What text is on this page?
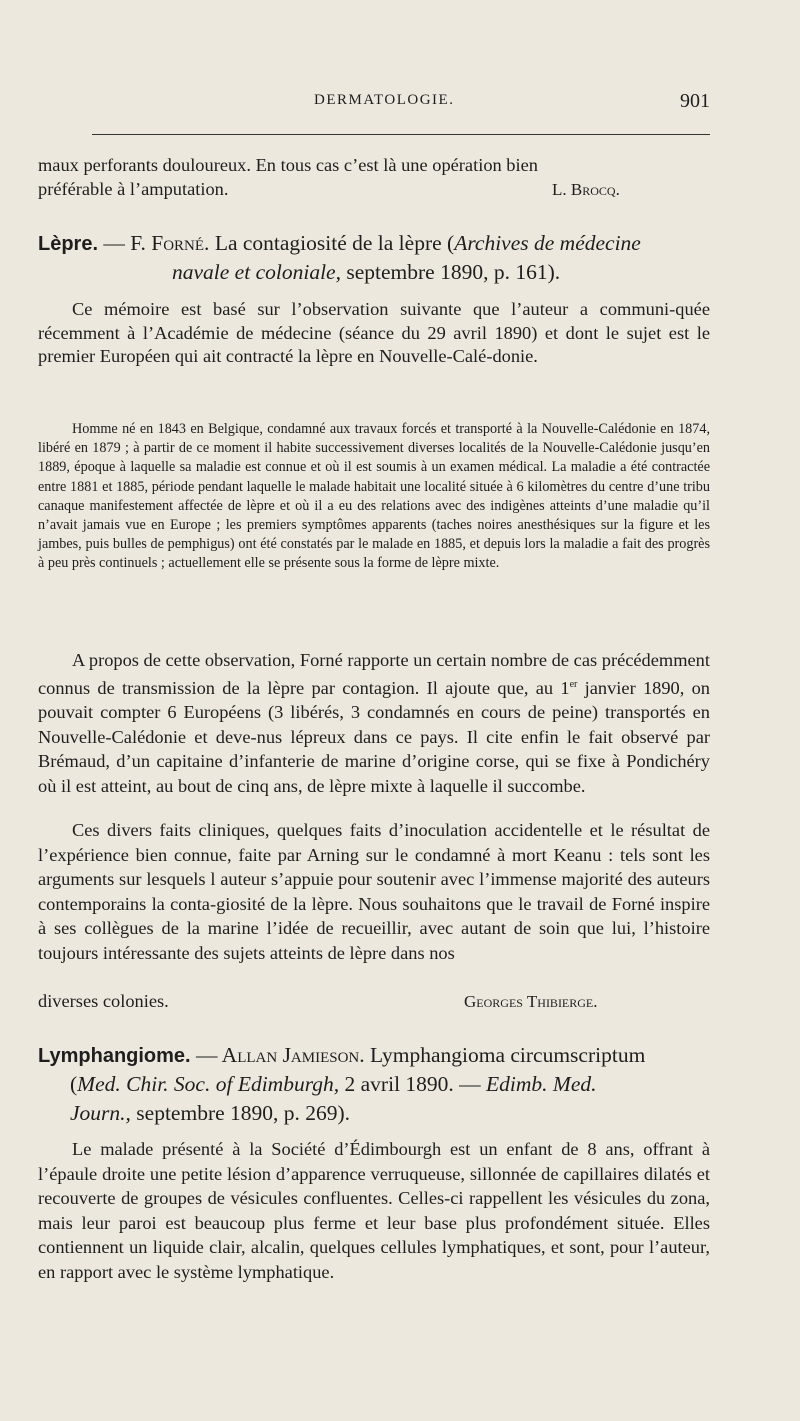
DERMATOLOGIE.	901

maux perforants douloureux. En tous cas c’est là une opération bien

préférable à l’amputation.	L. Brocq.

Lèpre. — F. Forné. La contagiosité de la lèpre (Archives de médecine

navale et coloniale, septembre 1890, p. 161).

Ce mémoire est basé sur l’observation suivante que l’auteur a communi-quée récemment à l’Académie de médecine (séance du 29 avril 1890) et dont le sujet est le premier Européen qui ait contracté la lèpre en Nouvelle-Calé-donie.

Homme né en 1843 en Belgique, condamné aux travaux forcés et transporté à la Nouvelle-Calédonie en 1874, libéré en 1879 ; à partir de ce moment il habite successivement diverses localités de la Nouvelle-Calédonie jusqu’en 1889, époque à laquelle sa maladie est connue et où il est soumis à un examen médical. La maladie a été contractée entre 1881 et 1885, période pendant laquelle le malade habitait une localité située à 6 kilomètres du centre d’une tribu canaque manifestement affectée de lèpre et où il a eu des relations avec des indigènes atteints d’une maladie qu’il n’avait jamais vue en Europe ; les premiers symptômes apparents (taches noires anesthésiques sur la figure et les jambes, puis bulles de pemphigus) ont été constatés par le malade en 1885, et depuis lors la maladie a fait des progrès à peu près continuels ; actuellement elle se présente sous la forme de lèpre mixte.

A propos de cette observation, Forné rapporte un certain nombre de cas précédemment connus de transmission de la lèpre par contagion. Il ajoute que, au 1er janvier 1890, on pouvait compter 6 Européens (3 libérés, 3 condamnés en cours de peine) transportés en Nouvelle-Calédonie et deve-nus lépreux dans ce pays. Il cite enfin le fait observé par Brémaud, d’un capitaine d’infanterie de marine d’origine corse, qui se fixe à Pondichéry où il est atteint, au bout de cinq ans, de lèpre mixte à laquelle il succombe.

Ces divers faits cliniques, quelques faits d’inoculation accidentelle et le résultat de l’expérience bien connue, faite par Arning sur le condamné à mort Keanu : tels sont les arguments sur lesquels l auteur s’appuie pour soutenir avec l’immense majorité des auteurs contemporains la conta-giosité de la lèpre. Nous souhaitons que le travail de Forné inspire à ses collègues de la marine l’idée de recueillir, avec autant de soin que lui, l’histoire toujours intéressante des sujets atteints de lèpre dans nos

diverses colonies.	Georges Thibierge.

Lymphangiome. — Allan Jamieson. Lymphangioma circumscriptum

(Med. Chir. Soc. of Edimburgh, 2 avril 1890. — Edimb. Med.

Journ., septembre 1890, p. 269).

Le malade présenté à la Société d’Édimbourgh est un enfant de 8 ans, offrant à l’épaule droite une petite lésion d’apparence verruqueuse, sillonnée de capillaires dilatés et recouverte de groupes de vésicules confluentes. Celles-ci rappellent les vésicules du zona, mais leur paroi est beaucoup plus ferme et leur base plus profondément située. Elles contiennent un liquide clair, alcalin, quelques cellules lymphatiques, et sont, pour l’auteur, en rapport avec le système lymphatique.
